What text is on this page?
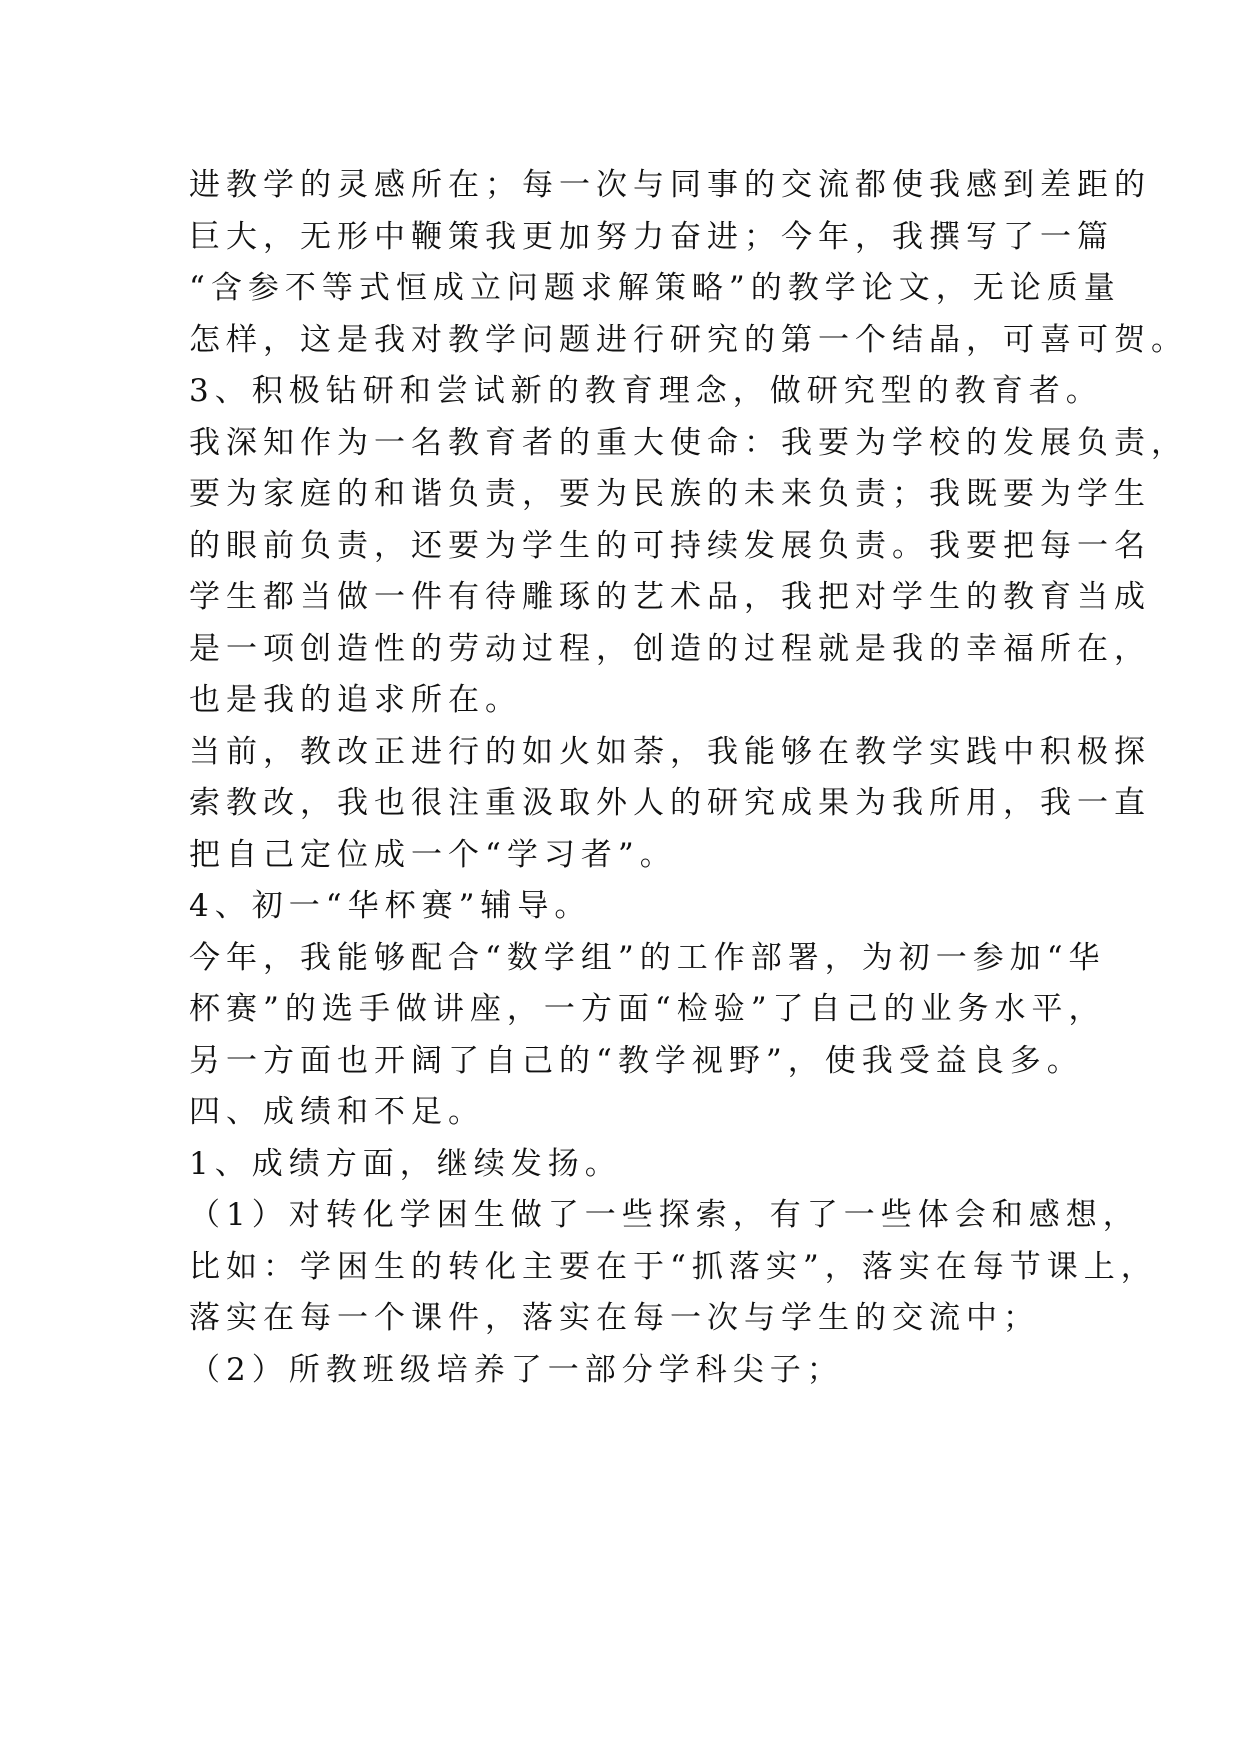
进教学的灵感所在；每一次与同事的交流都使我感到差距的
巨大，无形中鞭策我更加努力奋进；今年，我撰写了一篇
“含参不等式恒成立问题求解策略”的教学论文，无论质量
怎样，这是我对教学问题进行研究的第一个结晶，可喜可贺。
3、积极钻研和尝试新的教育理念，做研究型的教育者。
我深知作为一名教育者的重大使命：我要为学校的发展负责，
要为家庭的和谐负责，要为民族的未来负责；我既要为学生
的眼前负责，还要为学生的可持续发展负责。我要把每一名
学生都当做一件有待雕琢的艺术品，我把对学生的教育当成
是一项创造性的劳动过程，创造的过程就是我的幸福所在，
也是我的追求所在。
当前，教改正进行的如火如荼，我能够在教学实践中积极探
索教改，我也很注重汲取外人的研究成果为我所用，我一直
把自己定位成一个“学习者”。
4、初一“华杯赛”辅导。
今年，我能够配合“数学组”的工作部署，为初一参加“华
杯赛”的选手做讲座，一方面“检验”了自己的业务水平，
另一方面也开阔了自己的“教学视野”，使我受益良多。
四、成绩和不足。
1、成绩方面，继续发扬。
（1）对转化学困生做了一些探索，有了一些体会和感想，
比如：学困生的转化主要在于“抓落实”，落实在每节课上，
落实在每一个课件，落实在每一次与学生的交流中；
（2）所教班级培养了一部分学科尖子；
